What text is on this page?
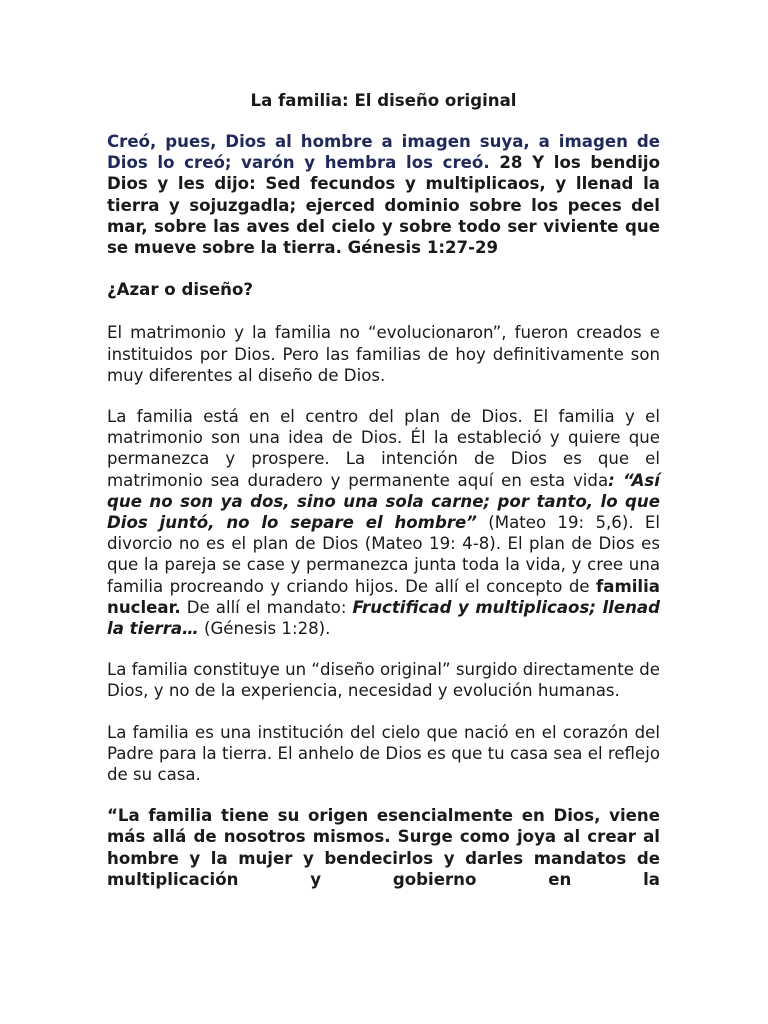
La familia: El diseño original

Creó, pues, Dios al hombre a imagen suya, a imagen de Dios lo creó; varón y hembra los creó. 28 Y los bendijo Dios y les dijo: Sed fecundos y multiplicaos, y llenad la tierra y sojuzgadla; ejerced dominio sobre los peces del mar, sobre las aves del cielo y sobre todo ser viviente que se mueve sobre la tierra. Génesis 1:27-29

¿Azar o diseño?

El matrimonio y la familia no “evolucionaron”, fueron creados e instituidos por Dios. Pero las familias de hoy definitivamente son muy diferentes al diseño de Dios.

La familia está en el centro del plan de Dios. El familia y el matrimonio son una idea de Dios. Él la estableció y quiere que permanezca y prospere. La intención de Dios es que el matrimonio sea duradero y permanente aquí en esta vida: “Así que no son ya dos, sino una sola carne; por tanto, lo que Dios juntó, no lo separe el hombre” (Mateo 19: 5,6). El divorcio no es el plan de Dios (Mateo 19: 4-8). El plan de Dios es que la pareja se case y permanezca junta toda la vida, y cree una familia procreando y criando hijos. De allí el concepto de familia nuclear. De allí el mandato: Fructificad y multiplicaos; llenad la tierra… (Génesis 1:28).

La familia constituye un “diseño original” surgido directamente de Dios, y no de la experiencia, necesidad y evolución humanas.

La familia es una institución del cielo que nació en el corazón del Padre para la tierra. El anhelo de Dios es que tu casa sea el reflejo de su casa.

“La familia tiene su origen esencialmente en Dios, viene más allá de nosotros mismos. Surge como joya al crear al hombre y la mujer y bendecirlos y darles mandatos de multiplicación y gobierno en la
